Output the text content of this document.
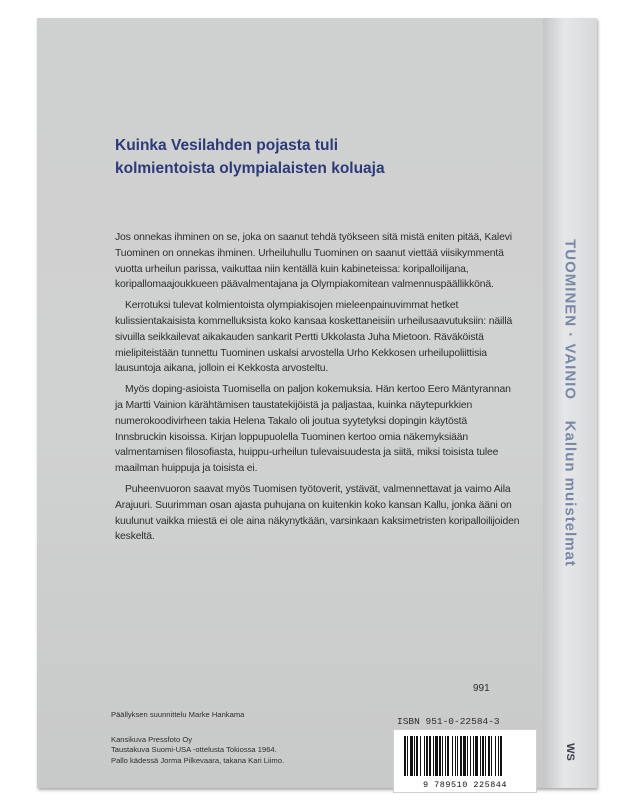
Kuinka Vesilahden pojasta tuli
kolmientoista olympialaisten koluaja

Jos onnekas ihminen on se, joka on saanut tehdä työkseen sitä mistä eniten pitää, Kalevi Tuominen on onnekas ihminen. Urheiluhullu Tuominen on saanut viettää viisikymmentä vuotta urheilun parissa, vaikuttaa niin kentällä kuin kabineteissa: koripalloilijana, koripallomaajoukkueen päävalmentajana ja Olympiakomitean valmennuspäällikkönä.

Kerrotuksi tulevat kolmientoista olympiakisojen mieleenpainuvimmat hetket kulissientakaisista kommelluksista koko kansaa koskettaneisiin urheilusaavutuksiin: näillä sivuilla seikkailevat aikakauden sankarit Pertti Ukkolasta Juha Mietoon. Räväköistä mielipiteistään tunnettu Tuominen uskalsi arvostella Urho Kekkosen urheilupoliittisia lausuntoja aikana, jolloin ei Kekkosta arvosteltu.

Myös doping-asioista Tuomisella on paljon kokemuksia. Hän kertoo Eero Mäntyrannan ja Martti Vainion kärähtämisen taustatekijöistä ja paljastaa, kuinka näytepurkkien numerokoodivirheen takia Helena Takalo oli joutua syytetyksi dopingin käytöstä Innsbruckin kisoissa. Kirjan loppupuolella Tuominen kertoo omia näkemyksiään valmentamisen filosofiasta, huippu-urheilun tulevaisuudesta ja siitä, miksi toisista tulee maailman huippuja ja toisista ei.

Puheenvuoron saavat myös Tuomisen työtoverit, ystävät, valmennettavat ja vaimo Aila Arajuuri. Suurimman osan ajasta puhujana on kuitenkin koko kansan Kallu, jonka ääni on kuulunut vaikka miestä ei ole aina näkynytkään, varsinkaan kaksimetristen koripalloilijoiden keskeltä.

991
Päällyksen suunnittelu Marke Hankama
Kansikuva Pressfoto Oy
Taustakuva Suomi-USA -ottelusta Tokiossa 1964.
Pallo kädessä Jorma Pilkevaara, takana Kari Liimo.
ISBN 951-0-22584-3
9 789510 225844
TUOMINEN · VAINIO    Kallun muistelmat
WS
